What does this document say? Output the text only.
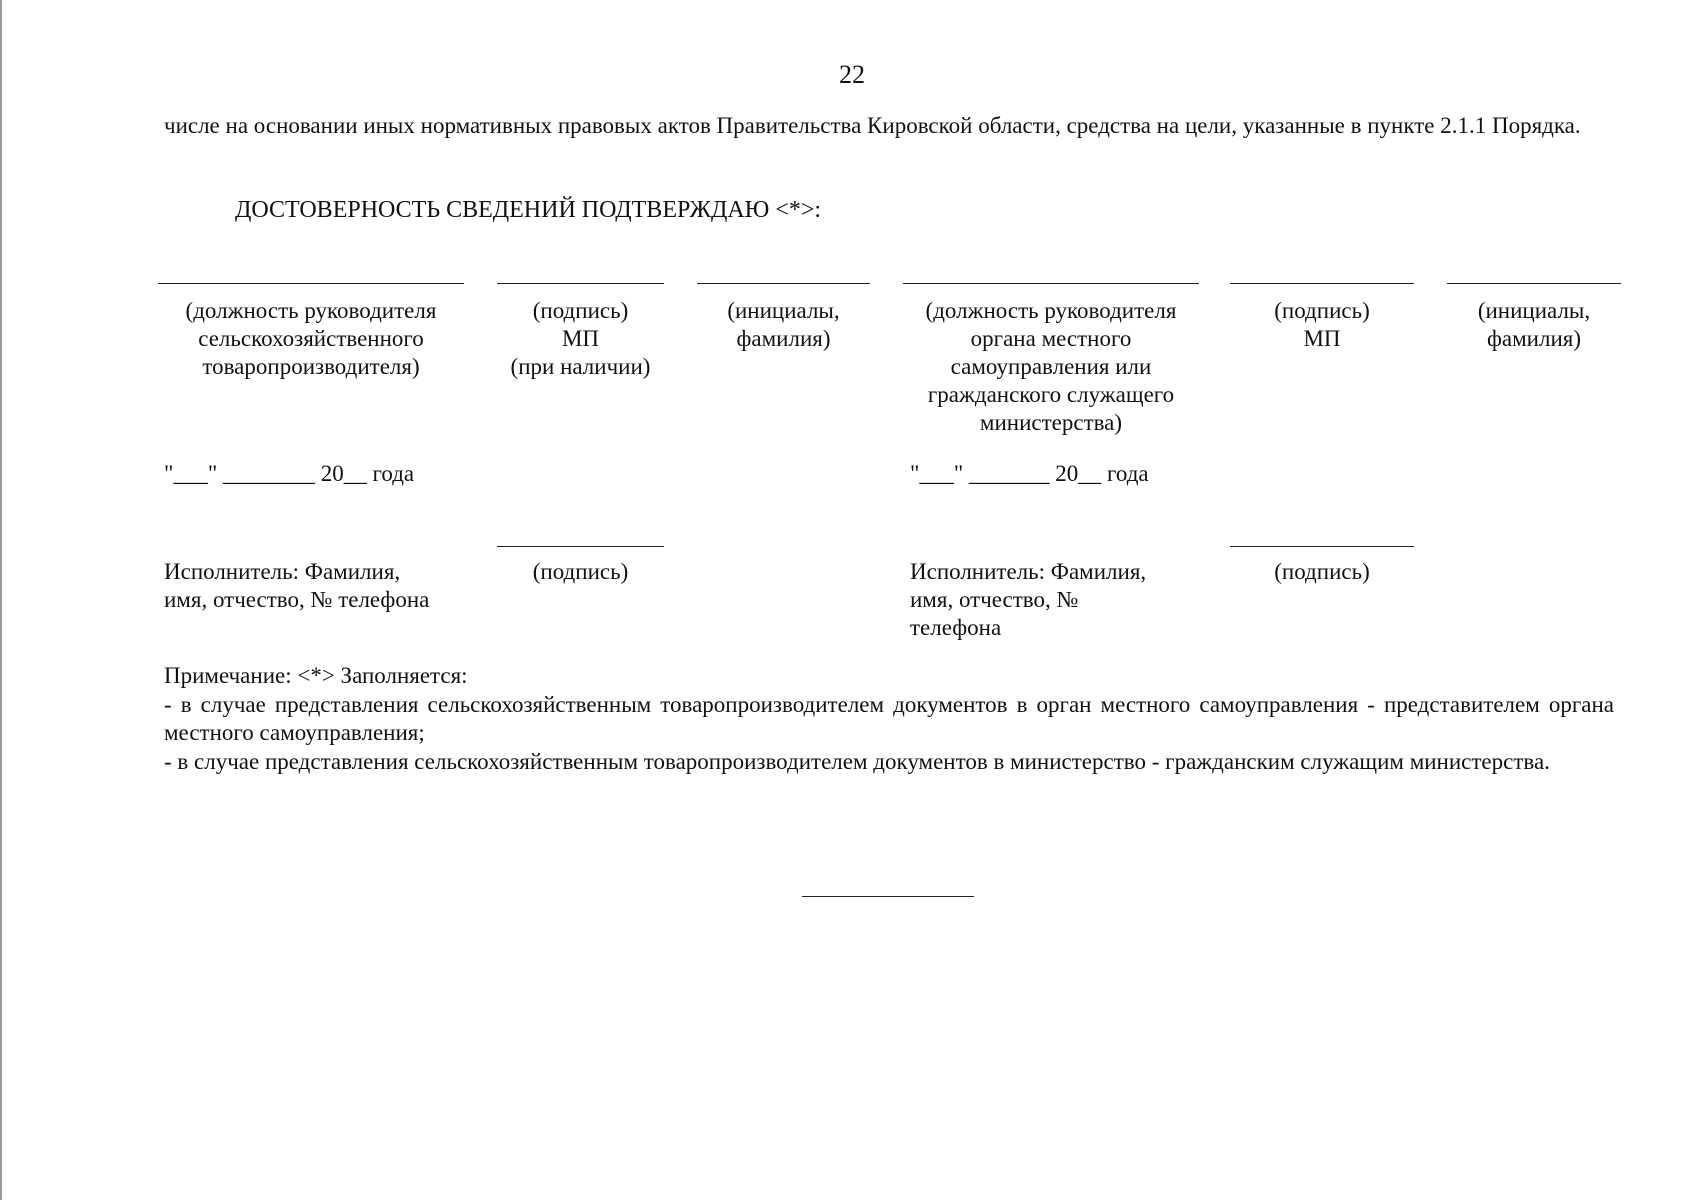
22
числе на основании иных нормативных правовых актов Правительства Кировской области, средства на цели, указанные в пункте 2.1.1 Порядка.
ДОСТОВЕРНОСТЬ СВЕДЕНИЙ ПОДТВЕРЖДАЮ <*>:
(должность руководителя
сельскохозяйственного
товаропроизводителя)
(подпись)
МП
(при наличии)
(инициалы,
фамилия)
(должность руководителя
органа местного
самоуправления или
гражданского служащего
министерства)
(подпись)
МП
(инициалы,
фамилия)
"___" ________ 20__ года	"___" _______ 20__ года
Исполнитель: Фамилия,
имя, отчество, № телефона
(подпись)	Исполнитель: Фамилия,
имя, отчество, №
телефона
(подпись)
Примечание: <*> Заполняется:
- в случае представления сельскохозяйственным товаропроизводителем документов в орган местного самоуправления - представителем органа местного самоуправления;
- в случае представления сельскохозяйственным товаропроизводителем документов в министерство - гражданским служащим министерства.
